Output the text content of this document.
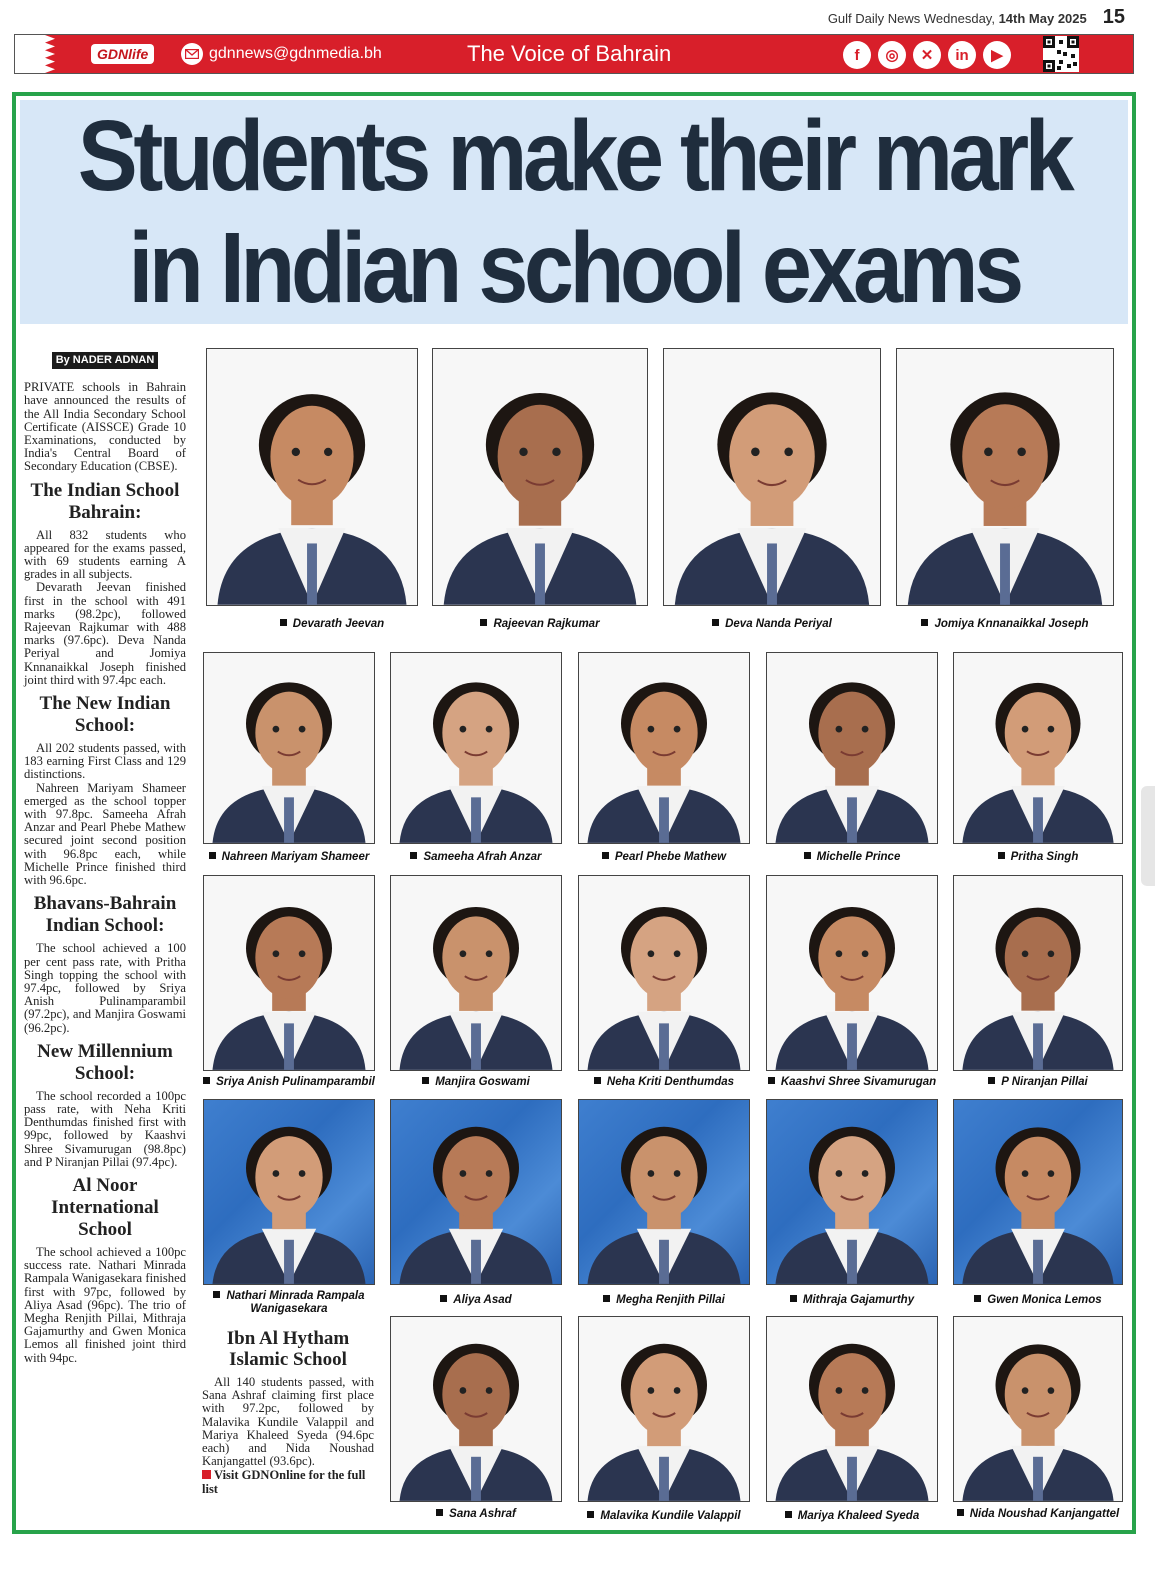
Gulf Daily News Wednesday, 14th May 2025 15
GDNlife	gdnnews@gdnmedia.bh	The Voice of Bahrain	f	◎	✕	in	▶
Students make their mark
in Indian school exams
By NADER ADNAN

PRIVATE schools in Bahrain have announced the results of the All India Secondary School Certificate (AISSCE) Grade 10 Examinations, conducted by India's Central Board of Secondary Education (CBSE).

The Indian School Bahrain:

All 832 students who appeared for the exams passed, with 69 students earning A grades in all subjects.

Devarath Jeevan finished first in the school with 491 marks (98.2pc), followed Rajeevan Rajkumar with 488 marks (97.6pc). Deva Nanda Periyal and Jomiya Knnanaikkal Joseph finished joint third with 97.4pc each.

The New Indian School:

All 202 students passed, with 183 earning First Class and 129 distinctions.

Nahreen Mariyam Shameer emerged as the school topper with 97.8pc. Sameeha Afrah Anzar and Pearl Phebe Mathew secured joint second position with 96.8pc each, while Michelle Prince finished third with 96.6pc.

Bhavans-Bahrain Indian School:

The school achieved a 100 per cent pass rate, with Pritha Singh topping the school with 97.4pc, followed by Sriya Anish Pulinamparambil (97.2pc), and Manjira Goswami (96.2pc).

New Millennium School:

The school recorded a 100pc pass rate, with Neha Kriti Denthumdas finished first with 99pc, followed by Kaashvi Shree Sivamurugan (98.8pc) and P Niranjan Pillai (97.4pc).

Al Noor International School

The school achieved a 100pc success rate. Nathari Minrada Rampala Wanigasekara finished first with 97pc, followed by Aliya Asad (96pc). The trio of Megha Renjith Pillai, Mithraja Gajamurthy and Gwen Monica Lemos all finished joint third with 94pc.

Ibn Al Hytham Islamic School

All 140 students passed, with Sana Ashraf claiming first place with 97.2pc, followed by Malavika Kundile Valappil and Mariya Khaleed Syeda (94.6pc each) and Nida Noushad Kanjangattel (93.6pc).

Visit GDNOnline for the full list
Devarath Jeevan	Rajeevan Rajkumar	Deva Nanda Periyal	Jomiya Knnanaikkal Joseph
Nahreen Mariyam Shameer	Sameeha Afrah Anzar	Pearl Phebe Mathew	Michelle Prince	Pritha Singh
Sriya Anish Pulinamparambil	Manjira Goswami	Neha Kriti Denthumdas	Kaashvi Shree Sivamurugan	P Niranjan Pillai
Nathari Minrada Rampala Wanigasekara
Aliya Asad	Megha Renjith Pillai	Mithraja Gajamurthy	Gwen Monica Lemos
Sana Ashraf	Malavika Kundile Valappil	Mariya Khaleed Syeda	Nida Noushad Kanjangattel
